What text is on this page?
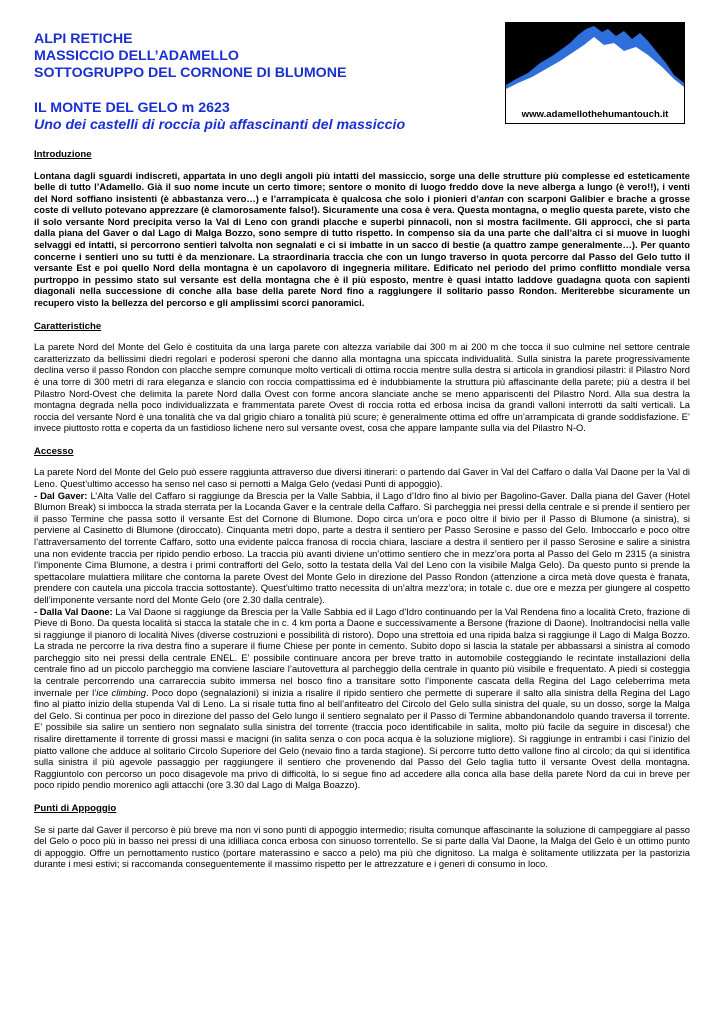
ALPI RETICHE

MASSICCIO DELL’ADAMELLO

SOTTOGRUPPO DEL CORNONE DI BLUMONE

IL MONTE DEL GELO m 2623

Uno dei castelli di roccia più affascinanti del massiccio

www.adamellothehumantouch.it

Introduzione

Lontana dagli sguardi indiscreti, appartata in uno degli angoli più intatti del massiccio, sorge una delle strutture più complesse ed esteticamente belle di tutto l’Adamello. Già il suo nome incute un certo timore; sentore o monito di luogo freddo dove la neve alberga a lungo (è vero!!), i venti del Nord soffiano insistenti (è abbastanza vero…) e l’arrampicata è qualcosa che solo i pionieri d’antan con scarponi Galibier e brache a grosse coste di velluto potevano apprezzare (è clamorosamente falso!). Sicuramente una cosa è vera. Questa montagna, o meglio questa parete, visto che il solo versante Nord precipita verso la Val di Leno con grandi placche e superbi pinnacoli, non si mostra facilmente. Gli approcci, che si parta dalla piana del Gaver o dal Lago di Malga Bozzo, sono sempre di tutto rispetto. In compenso sia da una parte che dall’altra ci si muove in luoghi selvaggi ed intatti, si percorrono sentieri talvolta non segnalati e ci si imbatte in un sacco di bestie (a quattro zampe generalmente…). Per quanto concerne i sentieri uno su tutti è da menzionare. La straordinaria traccia che con un lungo traverso in quota percorre dal Passo del Gelo tutto il versante Est e poi quello Nord della montagna è un capolavoro di ingegneria militare. Edificato nel periodo del primo conflitto mondiale versa purtroppo in pessimo stato sul versante est della montagna che è il più esposto, mentre è quasi intatto laddove guadagna quota con sapienti diagonali nella successione di conche alla base della parete Nord fino a raggiungere il solitario passo Rondon. Meriterebbe sicuramente un recupero visto la bellezza del percorso e gli amplissimi scorci panoramici.

Caratteristiche

La parete Nord del Monte del Gelo è costituita da una larga parete con altezza variabile dai 300 m ai 200 m che tocca il suo culmine nel settore centrale caratterizzato da bellissimi diedri regolari e poderosi speroni che danno alla montagna una spiccata individualità. Sulla sinistra la parete progressivamente declina verso il passo Rondon con placche sempre comunque molto verticali di ottima roccia mentre sulla destra si articola in grandiosi pilastri: il Pilastro Nord è una torre di 300 metri di rara eleganza e slancio con roccia compattissima ed è indubbiamente la struttura più affascinante della parete; più a destra il bel Pilastro Nord-Ovest che delimita la parete Nord dalla Ovest con forme ancora slanciate anche se meno appariscenti del Pilastro Nord. Alla sua destra la montagna degrada nella poco individualizzata e frammentata parete Ovest di roccia rotta ed erbosa incisa da grandi valloni interrotti da salti verticali. La roccia del versante Nord è una tonalità che va dal grigio chiaro a tonalità più scure; è generalmente ottima ed offre un’arrampicata di grande soddisfazione. E’ invece piuttosto rotta e coperta da un fastidioso lichene nero sul versante ovest, cosa che appare lampante sulla via del Pilastro N-O.

Accesso

La parete Nord del Monte del Gelo può essere raggiunta attraverso due diversi itinerari: o partendo dal Gaver in Val del Caffaro o dalla Val Daone per la Val di Leno. Quest’ultimo accesso ha senso nel caso si pernotti a Malga Gelo (vedasi Punti di appoggio).

- Dal Gaver: L’Alta Valle del Caffaro si raggiunge da Brescia per la Valle Sabbia, il Lago d’Idro fino al bivio per Bagolino-Gaver. Dalla piana del Gaver (Hotel Blumon Break) si imbocca la strada sterrata per la Locanda Gaver e la centrale della Caffaro. Si parcheggia nei pressi della centrale e si prende il sentiero per il passo Termine che passa sotto il versante Est del Cornone di Blumone. Dopo circa un’ora e poco oltre il bivio per il Passo di Blumone (a sinistra), si perviene al Casinetto di Blumone (diroccato). Cinquanta metri dopo, parte a destra il sentiero per Passo Serosine e passo del Gelo. Imboccarlo e poco oltre l’attraversamento del torrente Caffaro, sotto una evidente palcca franosa di roccia chiara, lasciare a destra il sentiero per il passo Serosine e salire a sinistra una non evidente traccia per ripido pendio erboso. La traccia più avanti diviene un’ottimo sentiero che in mezz’ora porta al Passo del Gelo m 2315 (a sinistra l’imponente Cima Blumone, a destra i primi contrafforti del Gelo, sotto la testata della Val del Leno con la visibile Malga Gelo). Da questo punto si prende la spettacolare mulattiera militare che contorna la parete Ovest del Monte Gelo in direzione del Passo Rondon (attenzione a circa metà dove questa è franata, prendere con cautela una piccola traccia sottostante). Quest’ultimo tratto necessita di un’altra mezz’ora; in totale c. due ore e mezza per giungere al cospetto dell’imponente versante nord del Monte Gelo (ore 2.30 dalla centrale).

- Dalla Val Daone: La Val Daone si raggiunge da Brescia per la Valle Sabbia ed il Lago d’Idro continuando per la Val Rendena fino a località Creto, frazione di Pieve di Bono. Da questa località si stacca la statale che in c. 4 km porta a Daone e successivamente a Bersone (frazione di Daone). Inoltrandocisi nella valle si raggiunge il pianoro di località Nives (diverse costruzioni e possibilità di ristoro). Dopo una strettoia ed una ripida balza si raggiunge il Lago di Malga Bozzo. La strada ne percorre la riva destra fino a superare il fiume Chiese per ponte in cemento. Subito dopo si lascia la statale per abbassarsi a sinistra al comodo parcheggio sito nei pressi della centrale ENEL. E’ possibile continuare ancora per breve tratto in automobile costeggiando le recintate installazioni della centrale fino ad un piccolo parcheggio ma conviene lasciare l’autovettura al parcheggio della centrale in quanto più visibile e frequentato. A piedi si costeggia la centrale percorrendo una carrareccia subito immersa nel bosco fino a transitare sotto l’imponente cascata della Regina del Lago celeberrima meta invernale per l’ice climbing. Poco dopo (segnalazioni) si inizia a risalire il ripido sentiero che permette di superare il salto alla sinistra della Regina del Lago fino al piatto inizio della stupenda Val di Leno. La si risale tutta fino al bell’anfiteatro del Circolo del Gelo sulla sinistra del quale, su un dosso, sorge la Malga del Gelo. Si continua per poco in direzione del passo del Gelo lungo il sentiero segnalato per il Passo di Termine abbandonandolo quando traversa il torrente. E’ possibile sia salire un sentiero non segnalato sulla sinistra del torrente (traccia poco identificabile in salita, molto più facile da seguire in discesa!) che risalire direttamente il torrente di grossi massi e macigni (in salita senza o con poca acqua è la soluzione migliore). Si raggiunge in entrambi i casi l’inizio del piatto vallone che adduce al solitario Circolo Superiore del Gelo (nevaio fino a tarda stagione). Si percorre tutto detto vallone fino al circolo; da qui si identifica sulla sinistra il più agevole passaggio per raggiungere il sentiero che provenendo dal Passo del Gelo taglia tutto il versante Ovest della montagna. Raggiuntolo con percorso un poco disagevole ma privo di difficoltà, lo si segue fino ad accedere alla conca alla base della parete Nord da cui in breve per poco ripido pendio morenico agli attacchi (ore 3.30 dal Lago di Malga Boazzo).

Punti di Appoggio

Se si parte dal Gaver il percorso è più breve ma non vi sono punti di appoggio intermedio; risulta comunque affascinante la soluzione di campeggiare al passo del Gelo o poco più in basso nei pressi di una idilliaca conca erbosa con sinuoso torrentello. Se si parte dalla Val Daone, la Malga del Gelo è un ottimo punto di appoggio. Offre un pernottamento rustico (portare materassino e sacco a pelo) ma più che dignitoso. La malga è solitamente utilizzata per la pastorizia durante i mesi estivi; si raccomanda conseguentemente il massimo rispetto per le attrezzature e i generi di consumo in loco.
